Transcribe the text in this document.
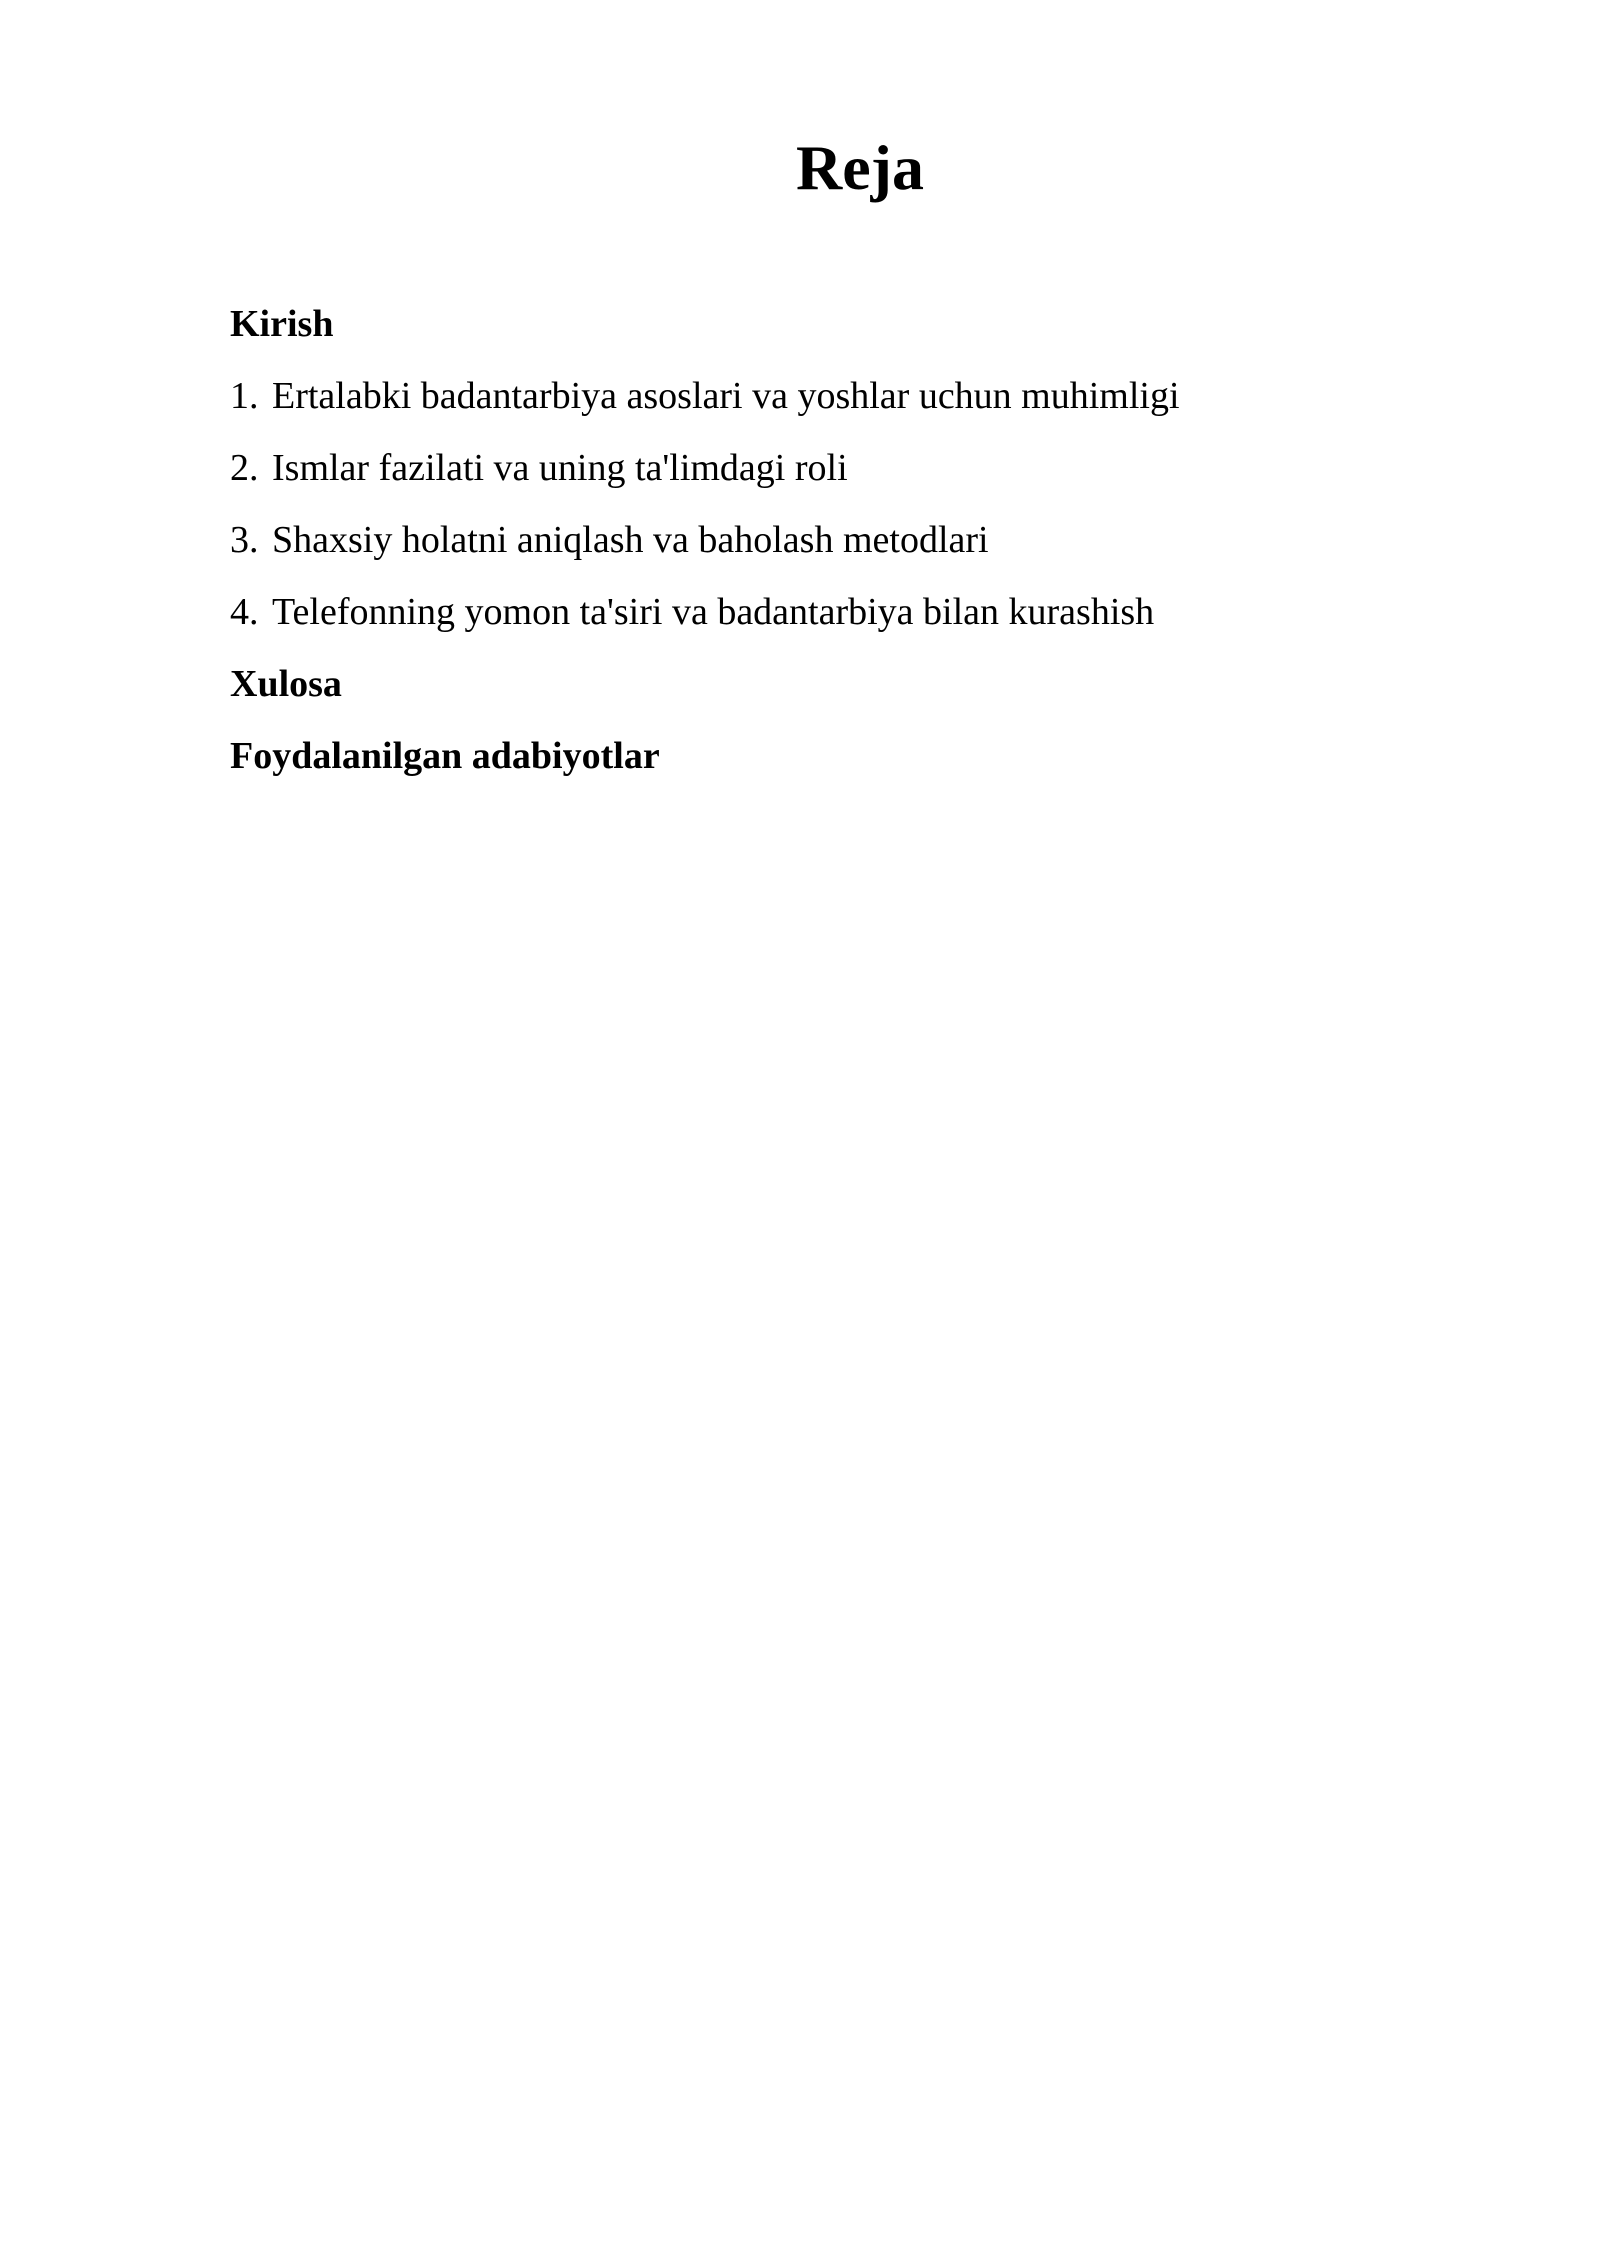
Reja
Kirish
1. Ertalabki badantarbiya asoslari va yoshlar uchun muhimligi
2. Ismlar fazilati va uning ta'limdagi roli
3. Shaxsiy holatni aniqlash va baholash metodlari
4. Telefonning yomon ta'siri va badantarbiya bilan kurashish
Xulosa
Foydalanilgan adabiyotlar
